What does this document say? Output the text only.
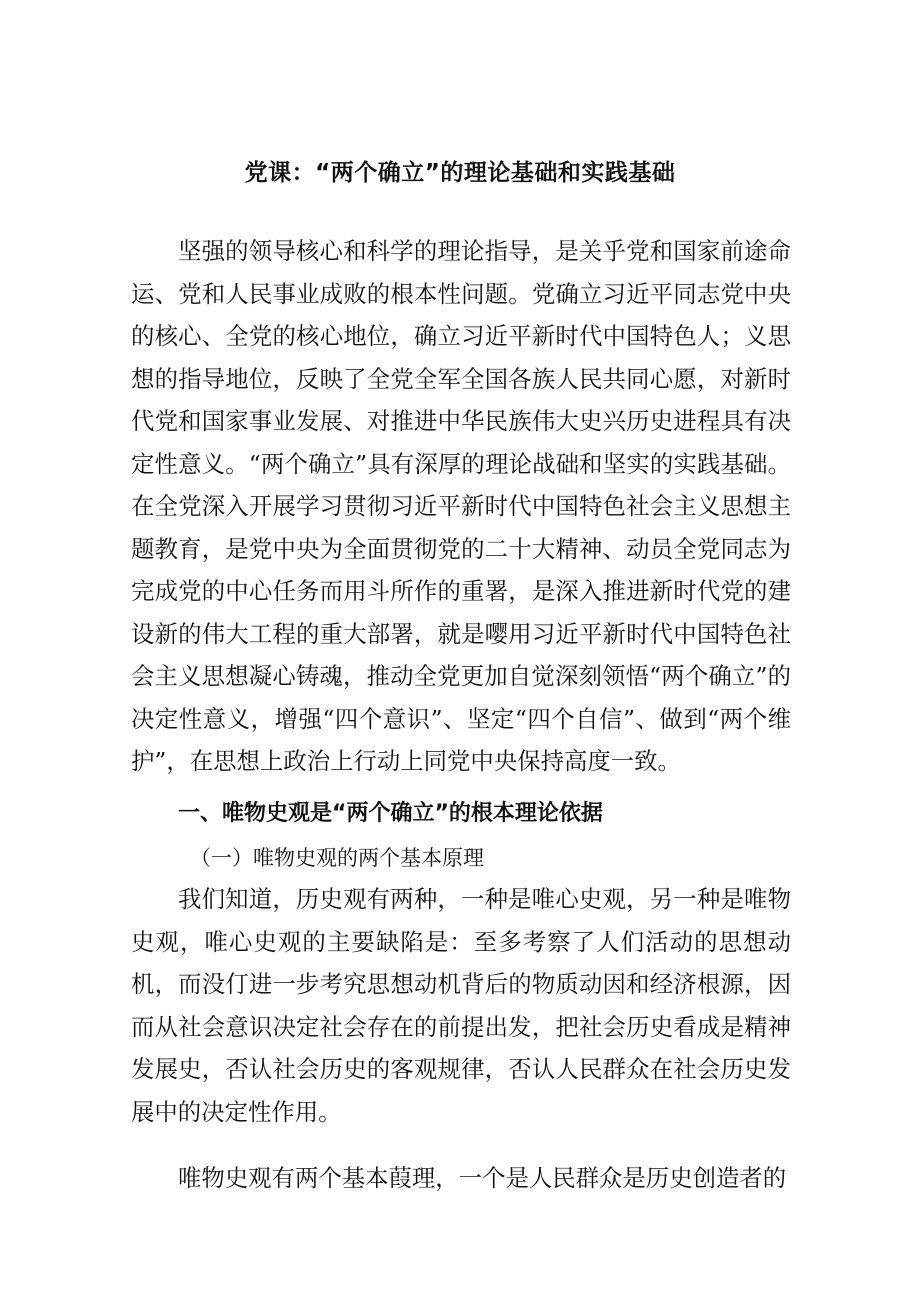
党课：“两个确立”的理论基础和实践基础

坚强的领导核心和科学的理论指导，是关乎党和国家前途命运、党和人民事业成败的根本性问题。党确立习近平同志党中央的核心、全党的核心地位，确立习近平新时代中国特色人；义思想的指导地位，反映了全党全军全国各族人民共同心愿，对新时代党和国家事业发展、对推进中华民族伟大史兴历史进程具有决定性意义。“两个确立”具有深厚的理论战础和坚实的实践基础。在全党深入开展学习贯彻习近平新时代中国特色社会主义思想主题教育，是党中央为全面贯彻党的二十大精神、动员全党同志为完成党的中心任务而用斗所作的重署，是深入推进新时代党的建设新的伟大工程的重大部署，就是嘤用习近平新时代中国特色社会主义思想凝心铸魂，推动全党更加自觉深刻领悟“两个确立”的决定性意义，增强“四个意识”、坚定“四个自信”、做到“两个维护”，在思想上政治上行动上同党中央保持高度一致。

一、唯物史观是“两个确立”的根本理论依据
（一）唯物史观的两个基本原理

我们知道，历史观有两种，一种是唯心史观，另一种是唯物史观，唯心史观的主要缺陷是：至多考察了人们活动的思想动机，而没仃进一步考究思想动机背后的物质动因和经济根源，因而从社会意识决定社会存在的前提出发，把社会历史看成是精神发展史，否认社会历史的客观规律，否认人民群众在社会历史发展中的决定性作用。

唯物史观有两个基本葭理，一个是人民群众是历史创造者的
